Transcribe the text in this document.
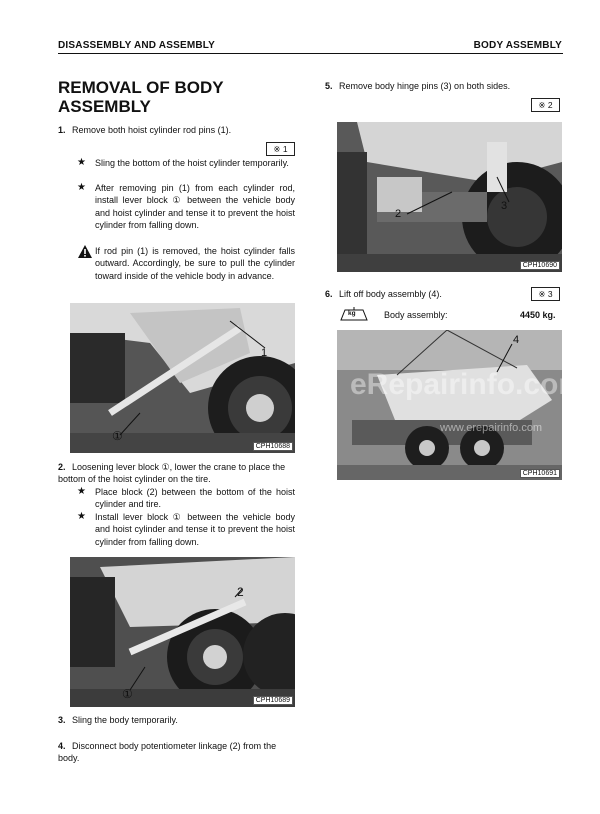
DISASSEMBLY AND ASSEMBLY	BODY ASSEMBLY
REMOVAL OF BODY ASSEMBLY
1. Remove both hoist cylinder rod pins (1).
※ 1
★ Sling the bottom of the hoist cylinder temporarily.
★ After removing pin (1) from each cylinder rod, install lever block ① between the vehicle body and hoist cylinder and tense it to prevent the hoist cylinder from falling down.
If rod pin (1) is removed, the hoist cylinder falls outward. Accordingly, be sure to pull the cylinder toward inside of the vehicle body in advance.
1
①
CPH10688
2. Loosening lever block ①, lower the crane to place the bottom of the hoist cylinder on the tire.
★ Place block (2) between the bottom of the hoist cylinder and tire.
★ Install lever block ① between the vehicle body and hoist cylinder and tense it to prevent the hoist cylinder from falling down.
2
①	CPH10689
3. Sling the body temporarily.
4. Disconnect body potentiometer linkage (2) from the body.
5. Remove body hinge pins (3) on both sides.
※ 2
2
3
CPH10690
6. Lift off body assembly (4).	※ 3
kg	Body assembly:	4450 kg.
4
CPH10691
eRepairinfo.com
www.erepairinfo.com
